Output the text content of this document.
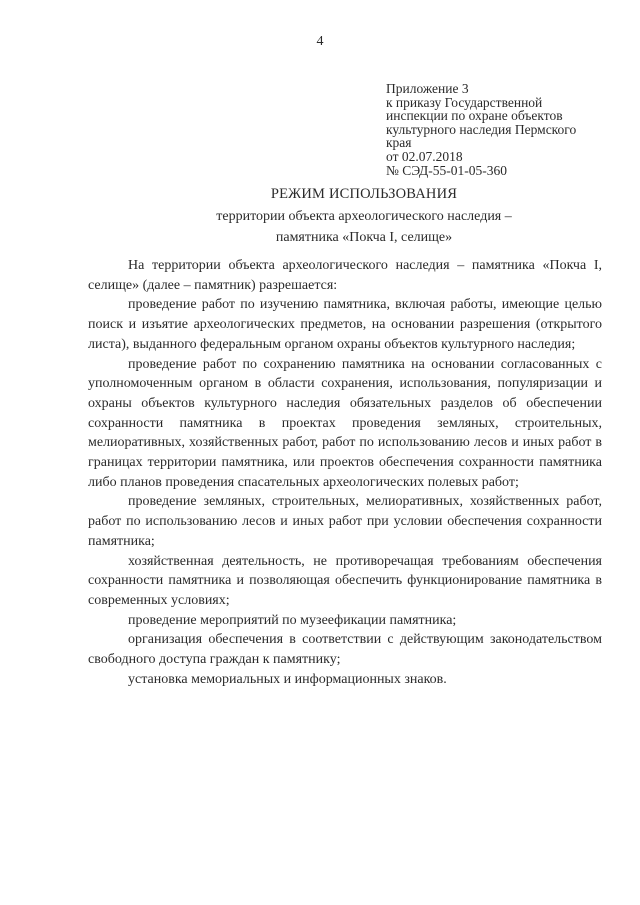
4
Приложение 3
к приказу Государственной
инспекции по охране объектов
культурного наследия Пермского
края
от 02.07.2018
№ СЭД-55-01-05-360
РЕЖИМ ИСПОЛЬЗОВАНИЯ
территории объекта археологического наследия –
памятника «Покча I, селище»

На территории объекта археологического наследия – памятника «Покча I, селище» (далее – памятник) разрешается:

проведение работ по изучению памятника, включая работы, имеющие целью поиск и изъятие археологических предметов, на основании разрешения (открытого листа), выданного федеральным органом охраны объектов культурного наследия;

проведение работ по сохранению памятника на основании согласованных с уполномоченным органом в области сохранения, использования, популяризации и охраны объектов культурного наследия обязательных разделов об обеспечении сохранности памятника в проектах проведения земляных, строительных, мелиоративных, хозяйственных работ, работ по использованию лесов и иных работ в границах территории памятника, или проектов обеспечения сохранности памятника либо планов проведения спасательных археологических полевых работ;

проведение земляных, строительных, мелиоративных, хозяйственных работ, работ по использованию лесов и иных работ при условии обеспечения сохранности памятника;

хозяйственная деятельность, не противоречащая требованиям обеспечения сохранности памятника и позволяющая обеспечить функционирование памятника в современных условиях;

проведение мероприятий по музеефикации памятника;

организация обеспечения в соответствии с действующим законодательством свободного доступа граждан к памятнику;

установка мемориальных и информационных знаков.
